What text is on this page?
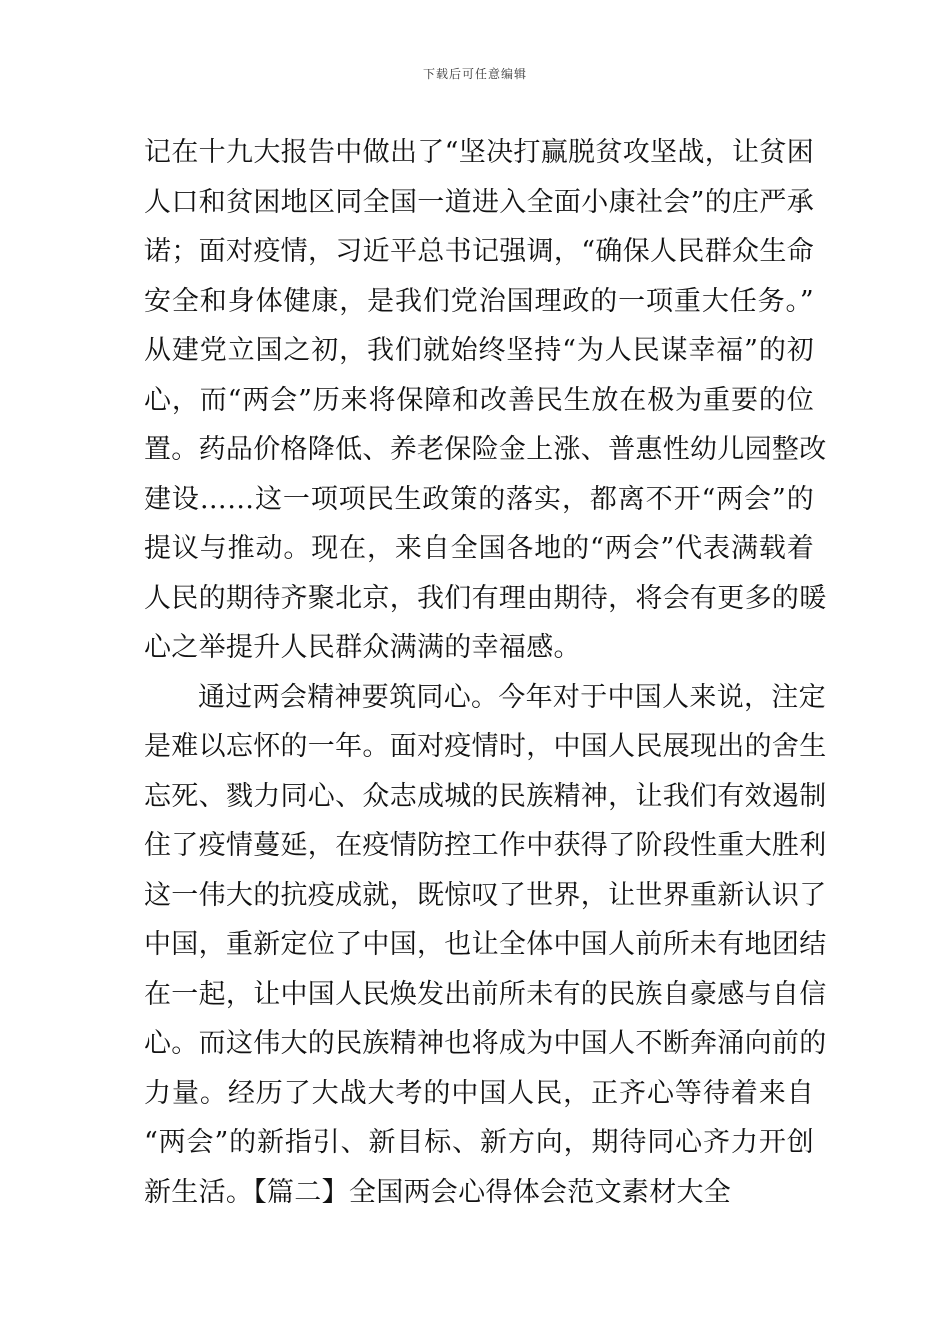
下载后可任意编辑
记在十九大报告中做出了“坚决打赢脱贫攻坚战，让贫困
人口和贫困地区同全国一道进入全面小康社会”的庄严承
诺；面对疫情，习近平总书记强调，“确保人民群众生命
安全和身体健康，是我们党治国理政的一项重大任务。”
从建党立国之初，我们就始终坚持“为人民谋幸福”的初
心，而“两会”历来将保障和改善民生放在极为重要的位
置。药品价格降低、养老保险金上涨、普惠性幼儿园整改
建设……这一项项民生政策的落实，都离不开“两会”的
提议与推动。现在，来自全国各地的“两会”代表满载着
人民的期待齐聚北京，我们有理由期待，将会有更多的暖
心之举提升人民群众满满的幸福感。
通过两会精神要筑同心。今年对于中国人来说，注定
是难以忘怀的一年。面对疫情时，中国人民展现出的舍生
忘死、戮力同心、众志成城的民族精神，让我们有效遏制
住了疫情蔓延，在疫情防控工作中获得了阶段性重大胜利
这一伟大的抗疫成就，既惊叹了世界，让世界重新认识了
中国，重新定位了中国，也让全体中国人前所未有地团结
在一起，让中国人民焕发出前所未有的民族自豪感与自信
心。而这伟大的民族精神也将成为中国人不断奔涌向前的
力量。经历了大战大考的中国人民，正齐心等待着来自
“两会”的新指引、新目标、新方向，期待同心齐力开创
新生活。【篇二】全国两会心得体会范文素材大全
